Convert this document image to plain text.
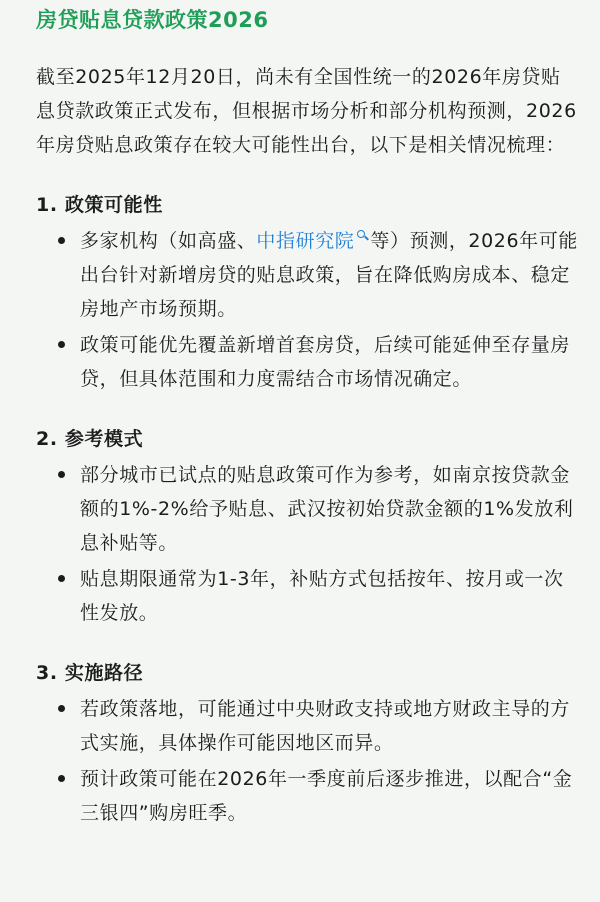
房贷贴息贷款政策2026

截至2025年12月20日，尚未有全国性统一的2026年房贷贴息贷款政策正式发布，但根据市场分析和部分机构预测，2026年房贷贴息政策存在较大可能性出台，以下是相关情况梳理：

1. 政策可能性
多家机构（如高盛、中指研究院 等）预测，2026年可能出台针对新增房贷的贴息政策，旨在降低购房成本、稳定房地产市场预期。
政策可能优先覆盖新增首套房贷，后续可能延伸至存量房贷，但具体范围和力度需结合市场情况确定。
2. 参考模式
部分城市已试点的贴息政策可作为参考，如南京按贷款金额的1%-2%给予贴息、武汉按初始贷款金额的1%发放利息补贴等。
贴息期限通常为1-3年，补贴方式包括按年、按月或一次性发放。
3. 实施路径
若政策落地，可能通过中央财政支持或地方财政主导的方式实施，具体操作可能因地区而异。
预计政策可能在2026年一季度前后逐步推进，以配合“金三银四”购房旺季。
